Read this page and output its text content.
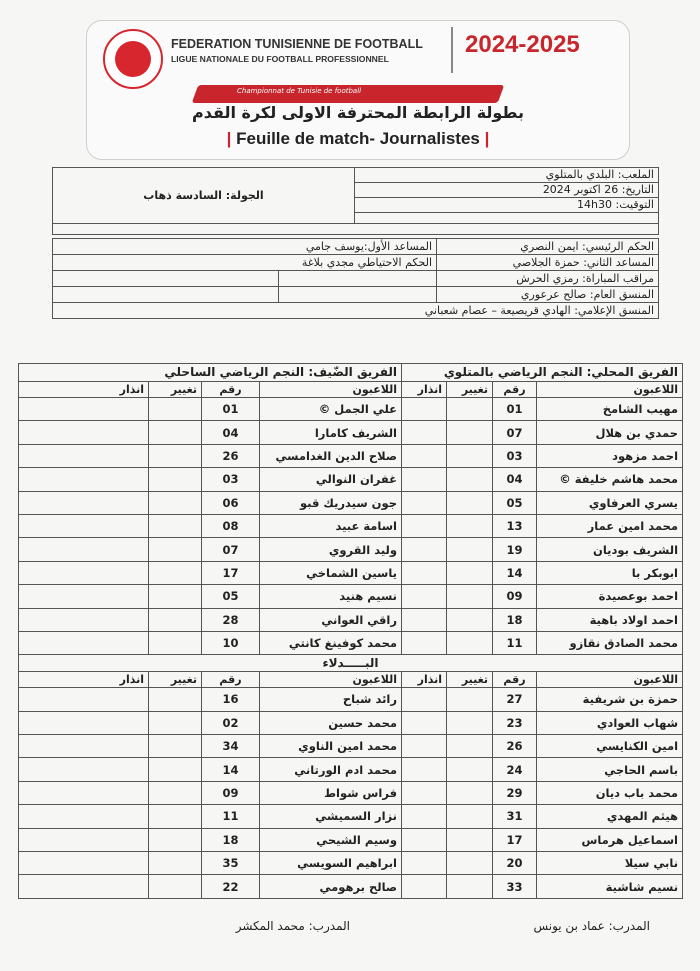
FEDERATION TUNISIENNE DE FOOTBALL
LIGUE NATIONALE DU FOOTBALL PROFESSIONNEL
2024-2025
Championnat de Tunisie de football
بطولة الرابطة المحترفة الاولى لكرة القدم
| Feuille de match- Journalistes |
الملعب: البلدي بالمتلوي	الجولة: السادسة ذهاب
التاريخ: 26 اكتوبر 2024
التوقيت: 14h30

الحكم الرئيسي: ايمن النصري	المساعد الأول:يوسف جامي	
المساعد الثاني: حمزة الجلاصي	الحكم الاحتياطي مجدي بلاغة	
مراقب المباراة: رمزي الحرش		
المنسق العام: صالح عرعوري		
المنسق الإعلامي: الهادي قريصيعة – عصام شعباني		
الفريق المحلي: النجم الرياضي بالمتلوي				الفريق الضّيف: النجم الرياضي الساحلي			
اللاعبون	رقم	تغيير	انذار	اللاعبون	رقم	تغيير	انذار
مهيب الشامخ	01			علي الجمل ©	01		
حمدي بن هلال	07			الشريف كامارا	04		
احمد مزهود	03			صلاح الدين الغدامسي	26		
محمد هاشم خليفة ©	04			غفران النوالي	03		
يسري العرفاوي	05			جون سيدريك قبو	06		
محمد امين عمار	13			اسامة عبيد	08		
الشريف بوديان	19			وليد القروي	07		
ابوبكر با	14			ياسين الشماخي	17		
احمد بوعصيدة	09			نسيم هنيد	05		
احمد اولاد باهية	18			راقي العواني	28		
محمد الصادق نقازو	11			محمد كوفينغ كانتي	10		
البـــــدلاء							
اللاعبون	رقم	تغيير	انذار	اللاعبون	رقم	تغيير	انذار
حمزة بن شريفية	27			رائد شباح	16		
شهاب العوادي	23			محمد حسين	02		
امين الكنايسي	26			محمد امين الناوي	34		
باسم الحاجي	24			محمد ادم الورتاني	14		
محمد باب ديان	29			فراس شواط	09		
هيثم المهدي	31			نزار السميشي	11		
اسماعيل هرماس	17			وسيم الشيحي	18		
نابي سيلا	20			ابراهيم السويسي	35		
نسيم شاشية	33			صالح برهومي	22		
المدرب: عماد بن يونس
المدرب: محمد المكشر
